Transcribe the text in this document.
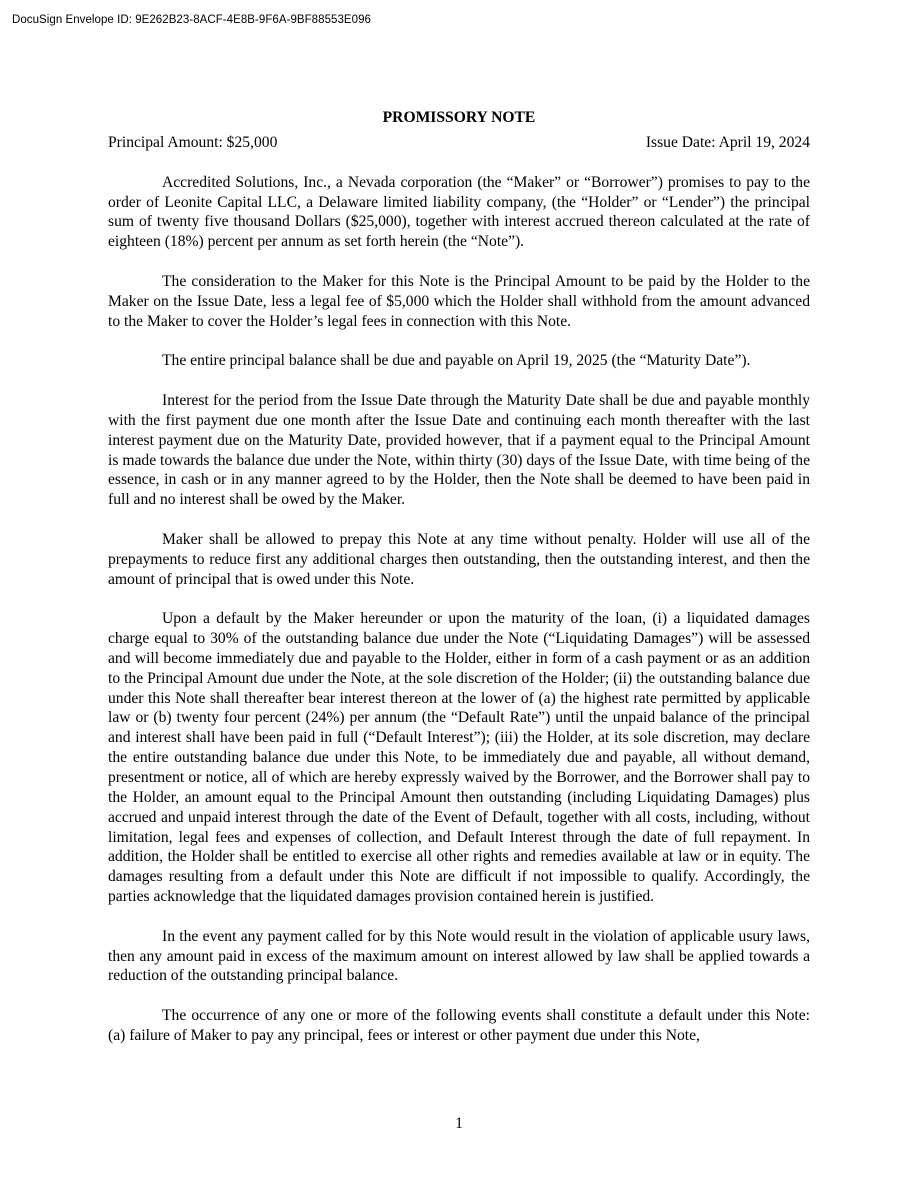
DocuSign Envelope ID: 9E262B23-8ACF-4E8B-9F6A-9BF88553E096
PROMISSORY NOTE
Principal Amount: $25,000	Issue Date: April 19, 2024

Accredited Solutions, Inc., a Nevada corporation (the “Maker” or “Borrower”) promises to pay to the order of Leonite Capital LLC, a Delaware limited liability company, (the “Holder” or “Lender”) the principal sum of twenty five thousand Dollars ($25,000), together with interest accrued thereon calculated at the rate of eighteen (18%) percent per annum as set forth herein (the “Note”).

The consideration to the Maker for this Note is the Principal Amount to be paid by the Holder to the Maker on the Issue Date, less a legal fee of $5,000 which the Holder shall withhold from the amount advanced to the Maker to cover the Holder’s legal fees in connection with this Note.

The entire principal balance shall be due and payable on April 19, 2025 (the “Maturity Date”).

Interest for the period from the Issue Date through the Maturity Date shall be due and payable monthly with the first payment due one month after the Issue Date and continuing each month thereafter with the last interest payment due on the Maturity Date, provided however, that if a payment equal to the Principal Amount is made towards the balance due under the Note, within thirty (30) days of the Issue Date, with time being of the essence, in cash or in any manner agreed to by the Holder, then the Note shall be deemed to have been paid in full and no interest shall be owed by the Maker.

Maker shall be allowed to prepay this Note at any time without penalty. Holder will use all of the prepayments to reduce first any additional charges then outstanding, then the outstanding interest, and then the amount of principal that is owed under this Note.

Upon a default by the Maker hereunder or upon the maturity of the loan, (i) a liquidated damages charge equal to 30% of the outstanding balance due under the Note (“Liquidating Damages”) will be assessed and will become immediately due and payable to the Holder, either in form of a cash payment or as an addition to the Principal Amount due under the Note, at the sole discretion of the Holder; (ii) the outstanding balance due under this Note shall thereafter bear interest thereon at the lower of (a) the highest rate permitted by applicable law or (b) twenty four percent (24%) per annum (the “Default Rate”) until the unpaid balance of the principal and interest shall have been paid in full (“Default Interest”); (iii) the Holder, at its sole discretion, may declare the entire outstanding balance due under this Note, to be immediately due and payable, all without demand, presentment or notice, all of which are hereby expressly waived by the Borrower, and the Borrower shall pay to the Holder, an amount equal to the Principal Amount then outstanding (including Liquidating Damages) plus accrued and unpaid interest through the date of the Event of Default, together with all costs, including, without limitation, legal fees and expenses of collection, and Default Interest through the date of full repayment. In addition, the Holder shall be entitled to exercise all other rights and remedies available at law or in equity. The damages resulting from a default under this Note are difficult if not impossible to qualify. Accordingly, the parties acknowledge that the liquidated damages provision contained herein is justified.

In the event any payment called for by this Note would result in the violation of applicable usury laws, then any amount paid in excess of the maximum amount on interest allowed by law shall be applied towards a reduction of the outstanding principal balance.

The occurrence of any one or more of the following events shall constitute a default under this Note: (a) failure of Maker to pay any principal, fees or interest or other payment due under this Note,

1
